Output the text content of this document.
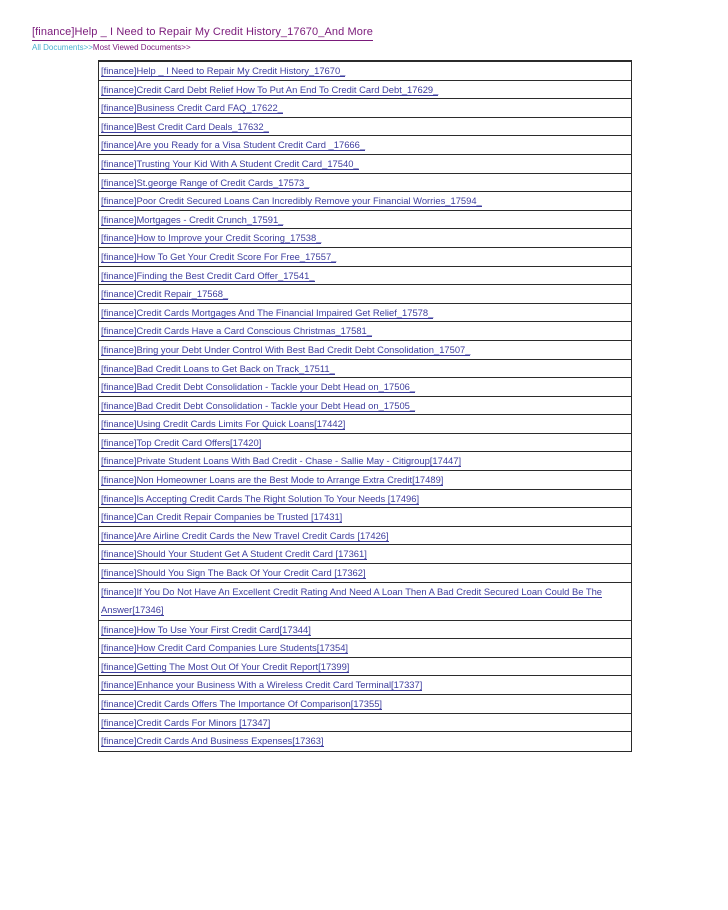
[finance]Help _ I Need to Repair My Credit History_17670_And More
All Documents>>Most Viewed Documents>>
[finance]Help _ I Need to Repair My Credit History_17670_
[finance]Credit Card Debt Relief How To Put An End To Credit Card Debt_17629_
[finance]Business Credit Card FAQ_17622_
[finance]Best Credit Card Deals_17632_
[finance]Are you Ready for a Visa Student Credit Card _17666_
[finance]Trusting Your Kid With A Student Credit Card_17540_
[finance]St.george Range of Credit Cards_17573_
[finance]Poor Credit Secured Loans Can Incredibly Remove your Financial Worries_17594_
[finance]Mortgages - Credit Crunch_17591_
[finance]How to Improve your Credit Scoring_17538_
[finance]How To Get Your Credit Score For Free_17557_
[finance]Finding the Best Credit Card Offer_17541_
[finance]Credit Repair_17568_
[finance]Credit Cards Mortgages And The Financial Impaired Get Relief_17578_
[finance]Credit Cards Have a Card Conscious Christmas_17581_
[finance]Bring your Debt Under Control With Best Bad Credit Debt Consolidation_17507_
[finance]Bad Credit Loans to Get Back on Track_17511_
[finance]Bad Credit Debt Consolidation - Tackle your Debt Head on_17506_
[finance]Bad Credit Debt Consolidation - Tackle your Debt Head on_17505_
[finance]Using Credit Cards Limits For Quick Loans[17442]
[finance]Top Credit Card Offers[17420]
[finance]Private Student Loans With Bad Credit - Chase - Sallie May - Citigroup[17447]
[finance]Non Homeowner Loans are the Best Mode to Arrange Extra Credit[17489]
[finance]Is Accepting Credit Cards The Right Solution To Your Needs [17496]
[finance]Can Credit Repair Companies be Trusted [17431]
[finance]Are Airline Credit Cards the New Travel Credit Cards [17426]
[finance]Should Your Student Get A Student Credit Card [17361]
[finance]Should You Sign The Back Of Your Credit Card [17362]
[finance]If You Do Not Have An Excellent Credit Rating And Need A Loan Then A Bad Credit Secured Loan Could Be The Answer[17346]
[finance]How To Use Your First Credit Card[17344]
[finance]How Credit Card Companies Lure Students[17354]
[finance]Getting The Most Out Of Your Credit Report[17399]
[finance]Enhance your Business With a Wireless Credit Card Terminal[17337]
[finance]Credit Cards Offers The Importance Of Comparison[17355]
[finance]Credit Cards For Minors [17347]
[finance]Credit Cards And Business Expenses[17363]
